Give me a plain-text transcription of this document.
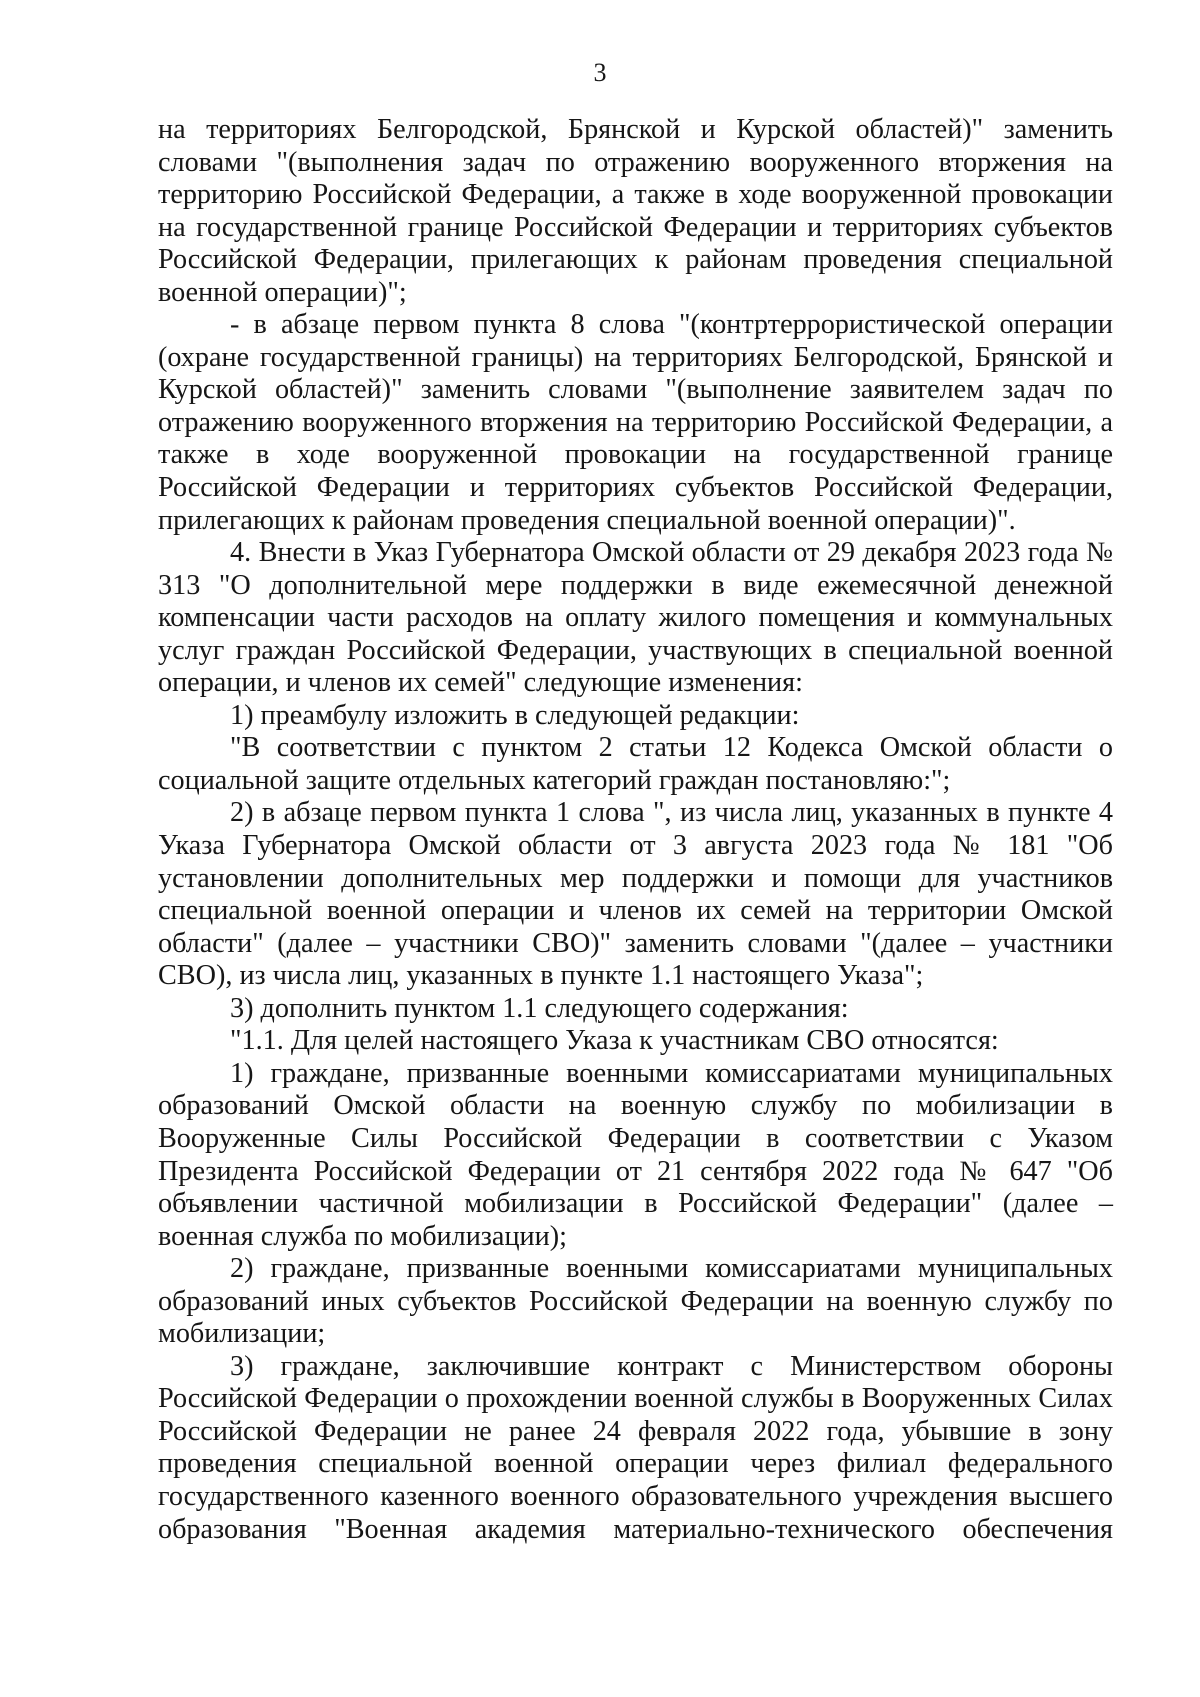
3

на территориях Белгородской, Брянской и Курской областей)" заменить словами "(выполнения задач по отражению вооруженного вторжения на территорию Российской Федерации, а также в ходе вооруженной провокации на государственной границе Российской Федерации и территориях субъектов Российской Федерации, прилегающих к районам проведения специальной военной операции)";

- в абзаце первом пункта 8 слова "(контртеррористической операции (охране государственной границы) на территориях Белгородской, Брянской и Курской областей)" заменить словами "(выполнение заявителем задач по отражению вооруженного вторжения на территорию Российской Федерации, а также в ходе вооруженной провокации на государственной границе Российской Федерации и территориях субъектов Российской Федерации, прилегающих к районам проведения специальной военной операции)".

4. Внести в Указ Губернатора Омской области от 29 декабря 2023 года № 313 "О дополнительной мере поддержки в виде ежемесячной денежной компенсации части расходов на оплату жилого помещения и коммунальных услуг граждан Российской Федерации, участвующих в специальной военной операции, и членов их семей" следующие изменения:

1) преамбулу изложить в следующей редакции:

"В соответствии с пунктом 2 статьи 12 Кодекса Омской области о социальной защите отдельных категорий граждан постановляю:";

2) в абзаце первом пункта 1 слова ", из числа лиц, указанных в пункте 4 Указа Губернатора Омской области от 3 августа 2023 года № 181 "Об установлении дополнительных мер поддержки и помощи для участников специальной военной операции и членов их семей на территории Омской области" (далее – участники СВО)" заменить словами "(далее – участники СВО), из числа лиц, указанных в пункте 1.1 настоящего Указа";

3) дополнить пунктом 1.1 следующего содержания:

"1.1. Для целей настоящего Указа к участникам СВО относятся:

1) граждане, призванные военными комиссариатами муниципальных образований Омской области на военную службу по мобилизации в Вооруженные Силы Российской Федерации в соответствии с Указом Президента Российской Федерации от 21 сентября 2022 года № 647 "Об объявлении частичной мобилизации в Российской Федерации" (далее – военная служба по мобилизации);

2) граждане, призванные военными комиссариатами муниципальных образований иных субъектов Российской Федерации на военную службу по мобилизации;

3) граждане, заключившие контракт с Министерством обороны Российской Федерации о прохождении военной службы в Вооруженных Силах Российской Федерации не ранее 24 февраля 2022 года, убывшие в зону проведения специальной военной операции через филиал федерального государственного казенного военного образовательного учреждения высшего образования "Военная академия материально-технического обеспечения
